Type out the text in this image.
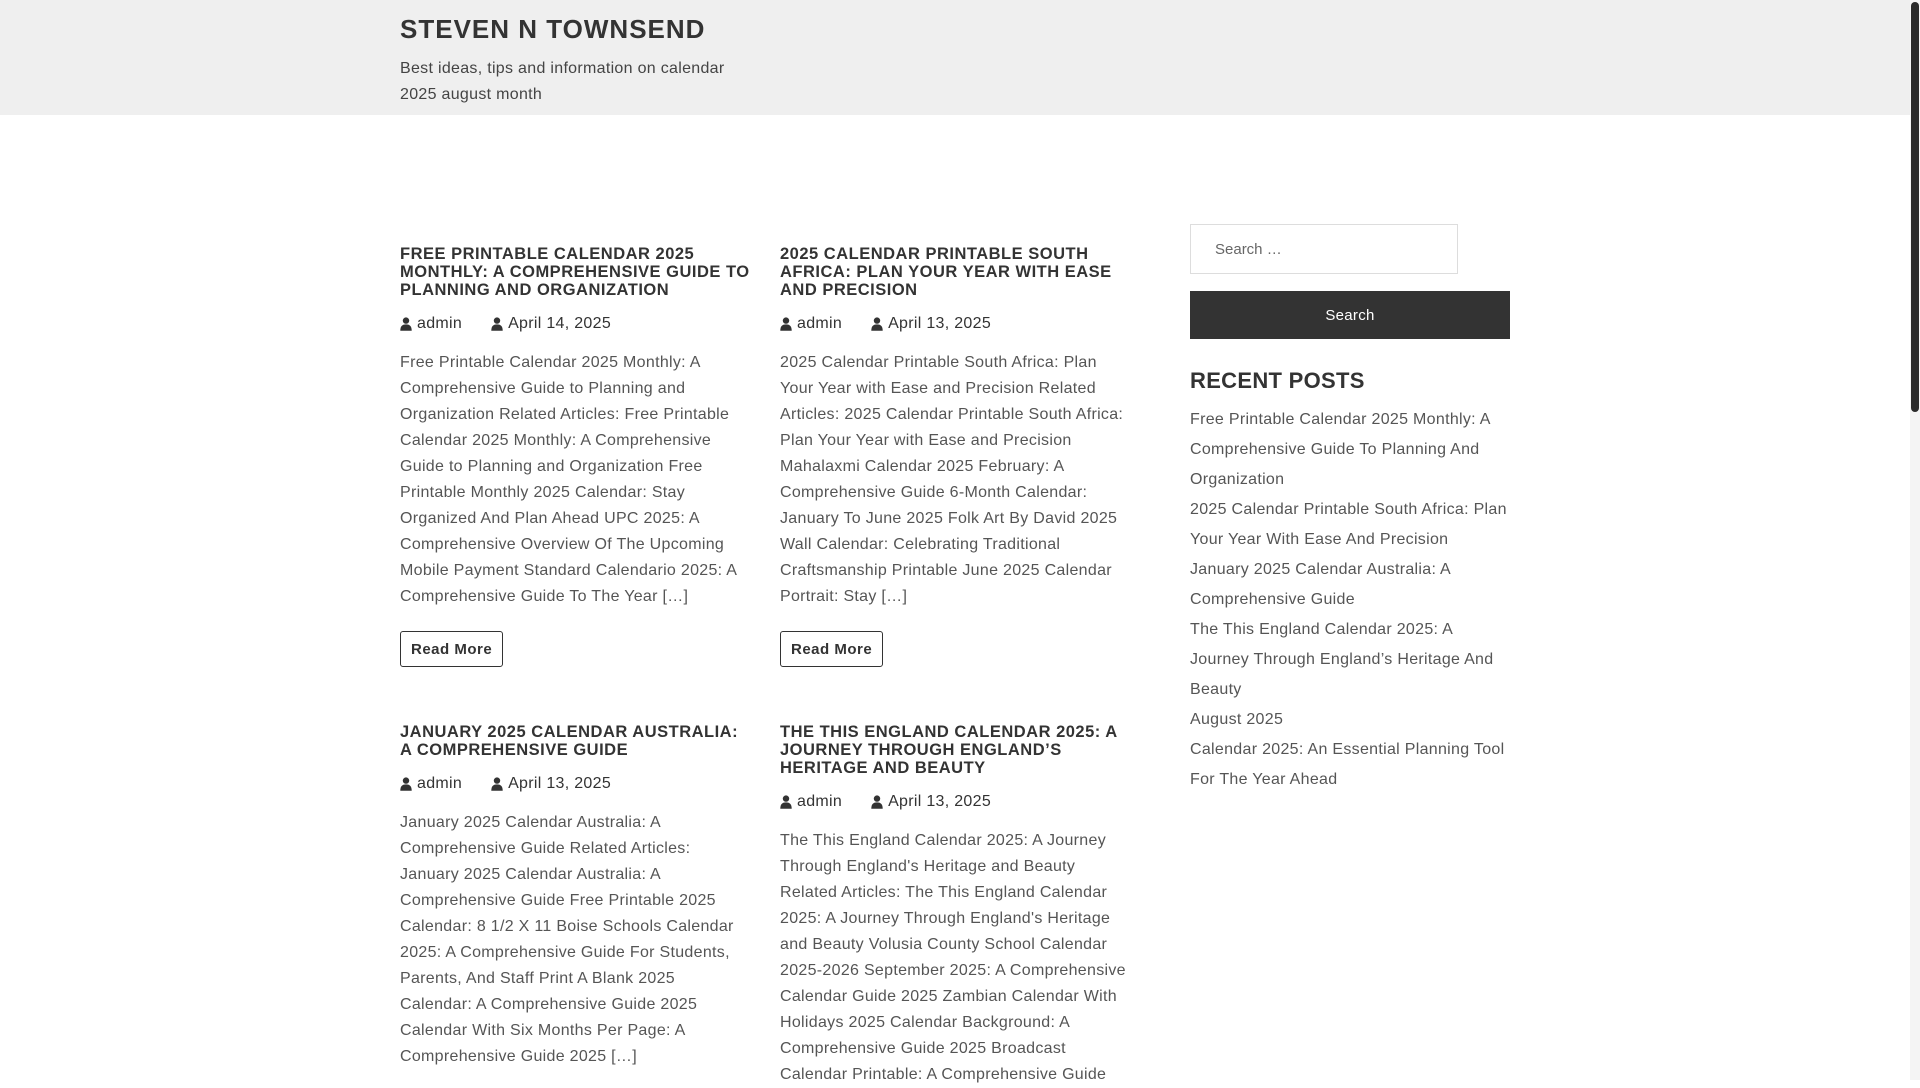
STEVEN N TOWNSEND

Best ideas, tips and information on calendar 2025 august month

FREE PRINTABLE CALENDAR 2025 MONTHLY: A COMPREHENSIVE GUIDE TO PLANNING AND ORGANIZATION
admin	April 14, 2025

Free Printable Calendar 2025 Monthly: A Comprehensive Guide to Planning and Organization Related Articles: Free Printable Calendar 2025 Monthly: A Comprehensive Guide to Planning and Organization Free Printable Monthly 2025 Calendar: Stay Organized And Plan Ahead UPC 2025: A Comprehensive Overview Of The Upcoming Mobile Payment Standard Calendario 2025: A Comprehensive Guide To The Year […]

Read More
2025 CALENDAR PRINTABLE SOUTH AFRICA: PLAN YOUR YEAR WITH EASE AND PRECISION
admin	April 13, 2025

2025 Calendar Printable South Africa: Plan Your Year with Ease and Precision Related Articles: 2025 Calendar Printable South Africa: Plan Your Year with Ease and Precision Mahalaxmi Calendar 2025 February: A Comprehensive Guide 6-Month Calendar: January To June 2025 Folk Art By David 2025 Wall Calendar: Celebrating Traditional Craftsmanship Printable June 2025 Calendar Portrait: Stay […]

Read More
JANUARY 2025 CALENDAR AUSTRALIA: A COMPREHENSIVE GUIDE
admin	April 13, 2025

January 2025 Calendar Australia: A Comprehensive Guide Related Articles: January 2025 Calendar Australia: A Comprehensive Guide Free Printable 2025 Calendar: 8 1/2 X 11 Boise Schools Calendar 2025: A Comprehensive Guide For Students, Parents, And Staff Print A Blank 2025 Calendar: A Comprehensive Guide 2025 Calendar With Six Months Per Page: A Comprehensive Guide 2025 […]

THE THIS ENGLAND CALENDAR 2025: A JOURNEY THROUGH ENGLAND’S HERITAGE AND BEAUTY
admin	April 13, 2025

The This England Calendar 2025: A Journey Through England's Heritage and Beauty Related Articles: The This England Calendar 2025: A Journey Through England's Heritage and Beauty Volusia County School Calendar 2025-2026 September 2025: A Comprehensive Calendar Guide 2025 Zambian Calendar With Holidays 2025 Calendar Background: A Comprehensive Guide 2025 Broadcast Calendar Printable: A Comprehensive Guide

Search …
Search
RECENT POSTS
Free Printable Calendar 2025 Monthly: A Comprehensive Guide To Planning And Organization
2025 Calendar Printable South Africa: Plan Your Year With Ease And Precision
January 2025 Calendar Australia: A Comprehensive Guide
The This England Calendar 2025: A Journey Through England’s Heritage And Beauty
August 2025
Calendar 2025: An Essential Planning Tool For The Year Ahead
